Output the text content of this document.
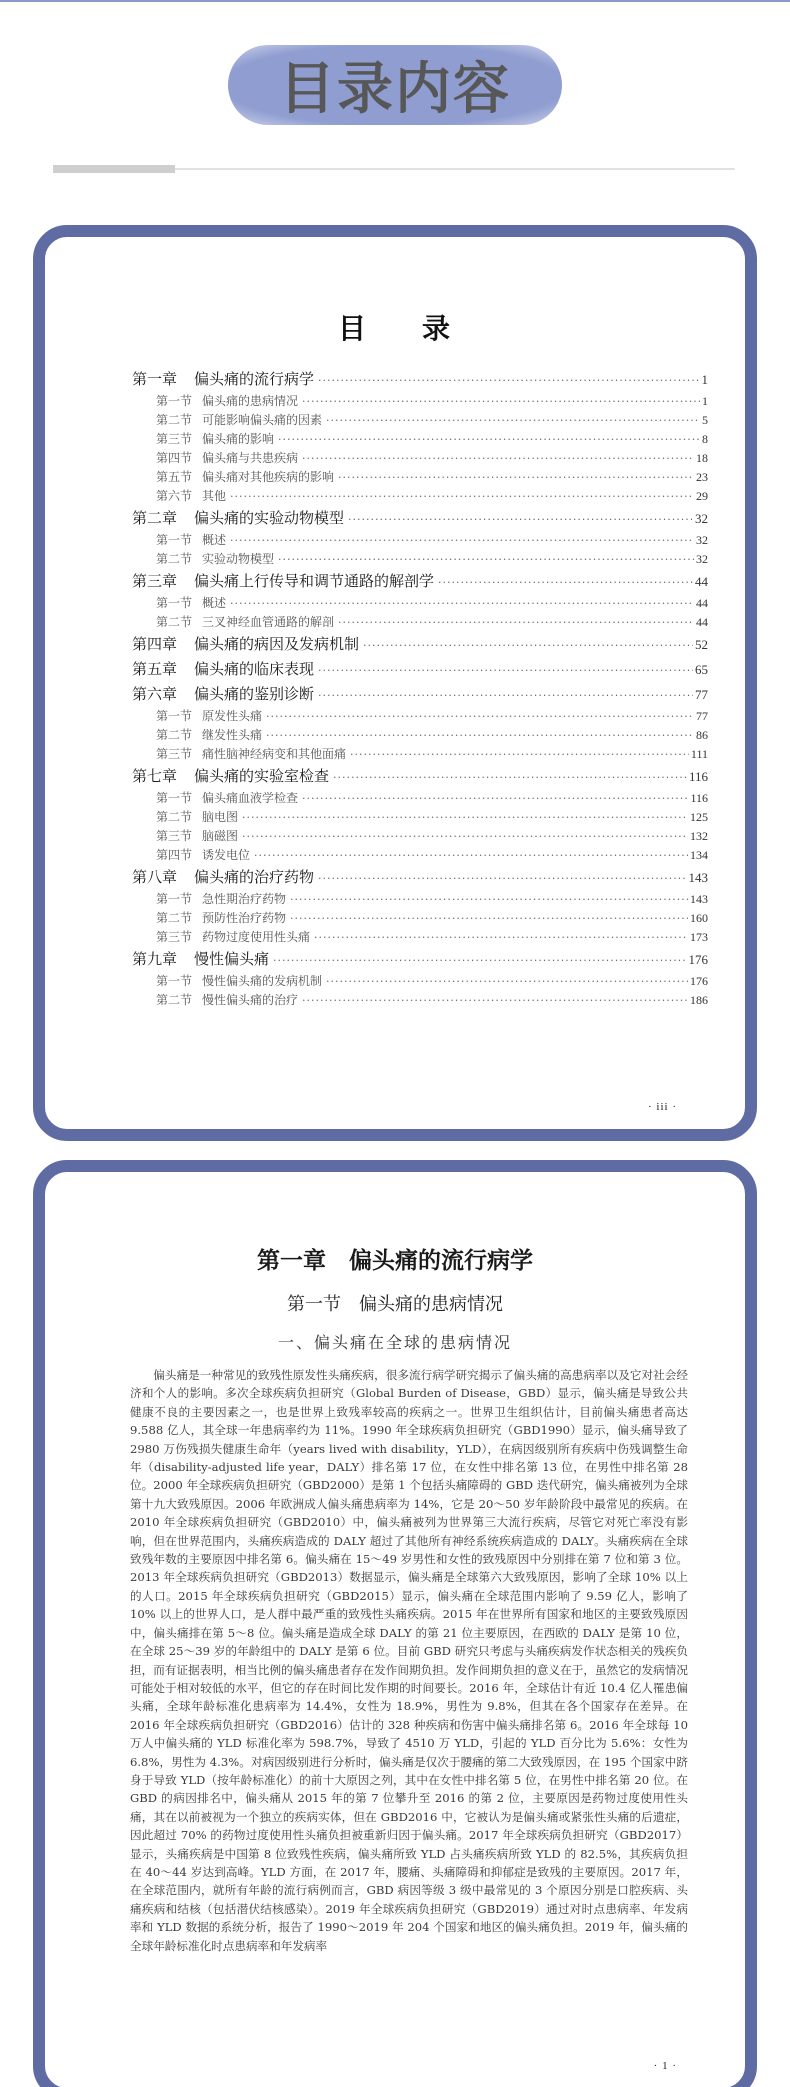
目录内容
目 录
第一章	偏头痛的流行病学 ·····	1
第一节 偏头痛的患病情况 ·····	1
第二节 可能影响偏头痛的因素 ·····	5
第三节 偏头痛的影响 ·····	8
第四节 偏头痛与共患疾病 ·····	18
第五节 偏头痛对其他疾病的影响 ·····	23
第六节 其他 ·····	29
第二章	偏头痛的实验动物模型 ·····	32
第一节 概述 ·····	32
第二节 实验动物模型 ·····	32
第三章	偏头痛上行传导和调节通路的解剖学 ·····	44
第一节 概述 ·····	44
第二节 三叉神经血管通路的解剖 ·····	44
第四章	偏头痛的病因及发病机制 ·····	52
第五章	偏头痛的临床表现 ·····	65
第六章	偏头痛的鉴别诊断 ·····	77
第一节 原发性头痛 ·····	77
第二节 继发性头痛 ·····	86
第三节 痛性脑神经病变和其他面痛 ·····	111
第七章	偏头痛的实验室检查 ·····	116
第一节 偏头痛血液学检查 ·····	116
第二节 脑电图 ·····	125
第三节 脑磁图 ·····	132
第四节 诱发电位 ·····	134
第八章	偏头痛的治疗药物 ·····	143
第一节 急性期治疗药物 ·····	143
第二节 预防性治疗药物 ·····	160
第三节 药物过度使用性头痛 ·····	173
第九章	慢性偏头痛 ·····	176
第一节 慢性偏头痛的发病机制 ·····	176
第二节 慢性偏头痛的治疗 ·····	186
· iii ·
第一章　偏头痛的流行病学
第一节　偏头痛的患病情况
一、偏头痛在全球的患病情况

偏头痛是一种常见的致残性原发性头痛疾病，很多流行病学研究揭示了偏头痛的高患病率以及它对社会经济和个人的影响。多次全球疾病负担研究（Global Burden of Disease，GBD）显示，偏头痛是导致公共健康不良的主要因素之一，也是世界上致残率较高的疾病之一。世界卫生组织估计，目前偏头痛患者高达 9.588 亿人，其全球一年患病率约为 11%。1990 年全球疾病负担研究（GBD1990）显示，偏头痛导致了 2980 万伤残损失健康生命年（years lived with disability，YLD），在病因级别所有疾病中伤残调整生命年（disability-adjusted life year，DALY）排名第 17 位，在女性中排名第 13 位，在男性中排名第 28 位。2000 年全球疾病负担研究（GBD2000）是第 1 个包括头痛障碍的 GBD 迭代研究，偏头痛被列为全球第十九大致残原因。2006 年欧洲成人偏头痛患病率为 14%，它是 20～50 岁年龄阶段中最常见的疾病。在 2010 年全球疾病负担研究（GBD2010）中，偏头痛被列为世界第三大流行疾病，尽管它对死亡率没有影响，但在世界范围内，头痛疾病造成的 DALY 超过了其他所有神经系统疾病造成的 DALY。头痛疾病在全球致残年数的主要原因中排名第 6。偏头痛在 15～49 岁男性和女性的致残原因中分别排在第 7 位和第 3 位。2013 年全球疾病负担研究（GBD2013）数据显示，偏头痛是全球第六大致残原因，影响了全球 10% 以上的人口。2015 年全球疾病负担研究（GBD2015）显示，偏头痛在全球范围内影响了 9.59 亿人，影响了 10% 以上的世界人口，是人群中最严重的致残性头痛疾病。2015 年在世界所有国家和地区的主要致残原因中，偏头痛排在第 5～8 位。偏头痛是造成全球 DALY 的第 21 位主要原因，在西欧的 DALY 是第 10 位，在全球 25～39 岁的年龄组中的 DALY 是第 6 位。目前 GBD 研究只考虑与头痛疾病发作状态相关的残疾负担，而有证据表明，相当比例的偏头痛患者存在发作间期负担。发作间期负担的意义在于，虽然它的发病情况可能处于相对较低的水平，但它的存在时间比发作期的时间要长。2016 年，全球估计有近 10.4 亿人罹患偏头痛，全球年龄标准化患病率为 14.4%，女性为 18.9%，男性为 9.8%，但其在各个国家存在差异。在 2016 年全球疾病负担研究（GBD2016）估计的 328 种疾病和伤害中偏头痛排名第 6。2016 年全球每 10 万人中偏头痛的 YLD 标准化率为 598.7%，导致了 4510 万 YLD，引起的 YLD 百分比为 5.6%：女性为 6.8%，男性为 4.3%。对病因级别进行分析时，偏头痛是仅次于腰痛的第二大致残原因，在 195 个国家中跻身于导致 YLD（按年龄标准化）的前十大原因之列，其中在女性中排名第 5 位，在男性中排名第 20 位。在 GBD 的病因排名中，偏头痛从 2015 年的第 7 位攀升至 2016 的第 2 位，主要原因是药物过度使用性头痛，其在以前被视为一个独立的疾病实体，但在 GBD2016 中，它被认为是偏头痛或紧张性头痛的后遗症，因此超过 70% 的药物过度使用性头痛负担被重新归因于偏头痛。2017 年全球疾病负担研究（GBD2017）显示，头痛疾病是中国第 8 位致残性疾病，偏头痛所致 YLD 占头痛疾病所致 YLD 的 82.5%，其疾病负担在 40～44 岁达到高峰。YLD 方面，在 2017 年，腰痛、头痛障碍和抑郁症是致残的主要原因。2017 年，在全球范围内，就所有年龄的流行病例而言，GBD 病因等级 3 级中最常见的 3 个原因分别是口腔疾病、头痛疾病和结核（包括潜伏结核感染）。2019 年全球疾病负担研究（GBD2019）通过对时点患病率、年发病率和 YLD 数据的系统分析，报告了 1990～2019 年 204 个国家和地区的偏头痛负担。2019 年，偏头痛的全球年龄标准化时点患病率和年发病率

· 1 ·
